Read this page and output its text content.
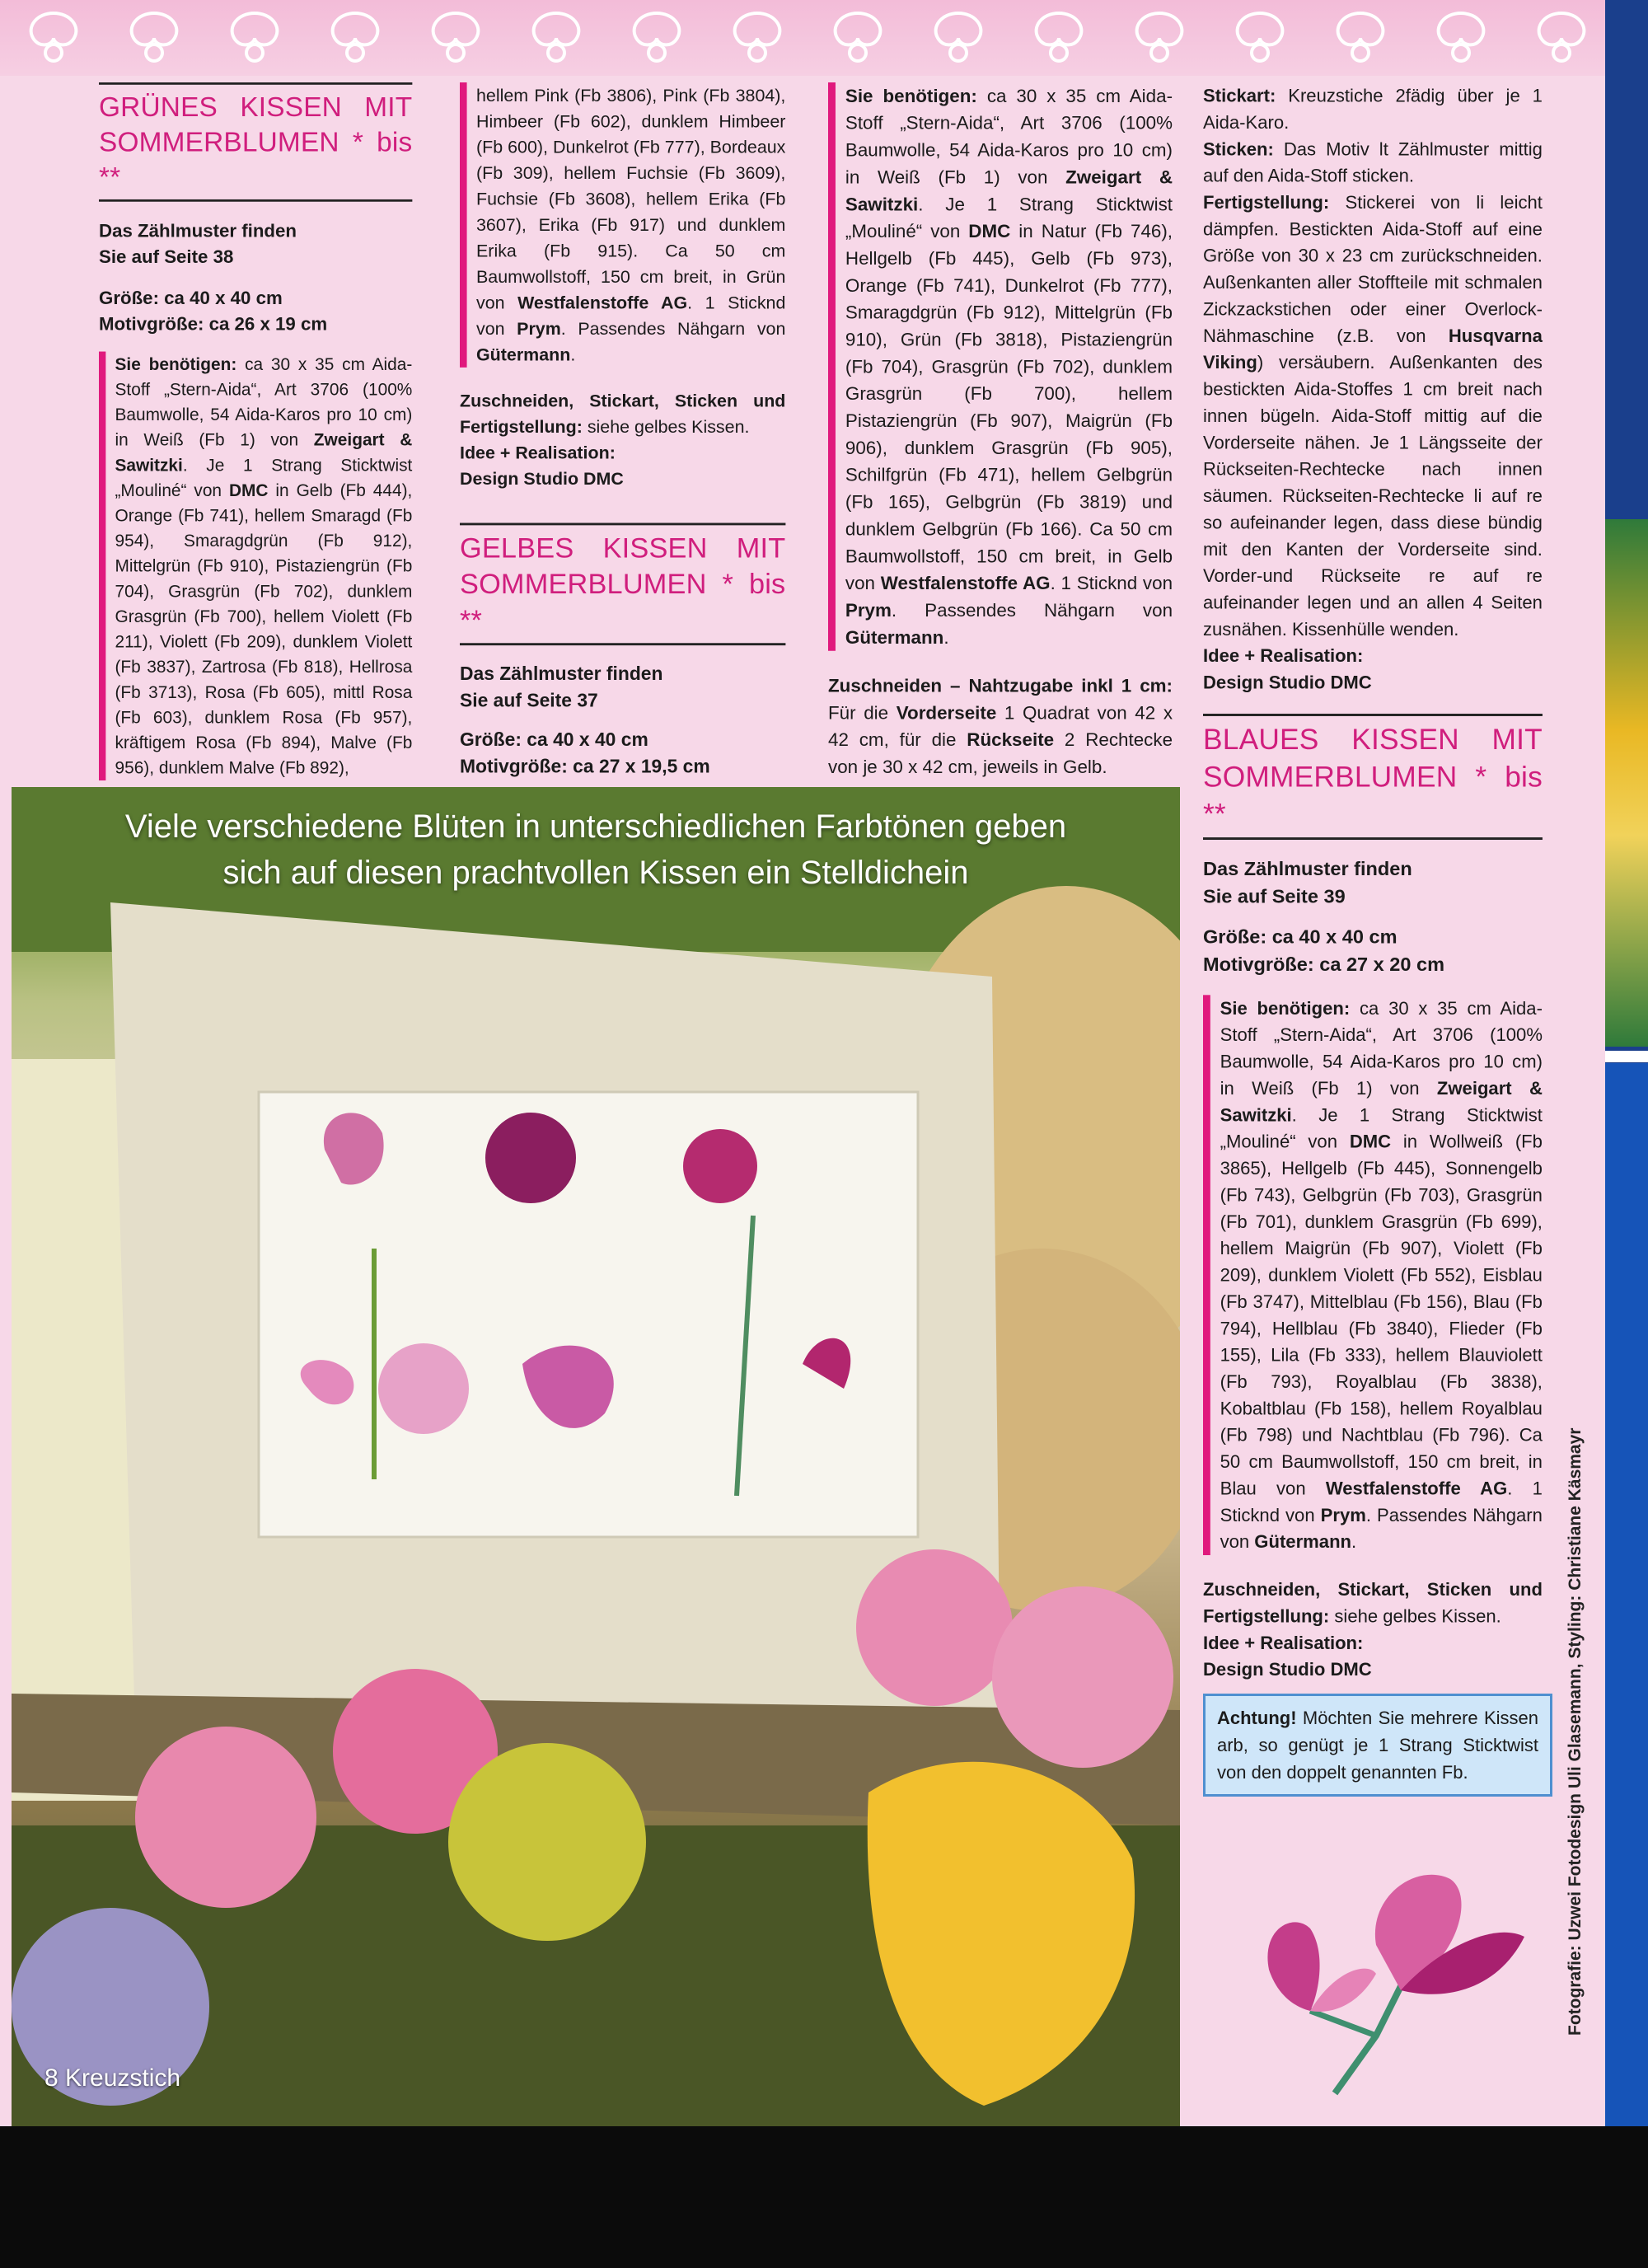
GRÜNES KISSEN MIT SOMMERBLUMEN * bis **

Das Zählmuster finden

Sie auf Seite 38

Größe: ca 40 x 40 cm

Motivgröße: ca 26 x 19 cm

Sie benötigen: ca 30 x 35 cm Aida-Stoff „Stern-Aida“, Art 3706 (100% Baumwolle, 54 Aida-Karos pro 10 cm) in Weiß (Fb 1) von Zweigart & Sawitzki. Je 1 Strang Sticktwist „Mouliné“ von DMC in Gelb (Fb 444), Orange (Fb 741), hellem Smaragd (Fb 954), Smaragdgrün (Fb 912), Mittelgrün (Fb 910), Pistaziengrün (Fb 704), Grasgrün (Fb 702), dunklem Grasgrün (Fb 700), hellem Violett (Fb 211), Violett (Fb 209), dunklem Violett (Fb 3837), Zartrosa (Fb 818), Hellrosa (Fb 3713), Rosa (Fb 605), mittl Rosa (Fb 603), dunklem Rosa (Fb 957), kräftigem Rosa (Fb 894), Malve (Fb 956), dunklem Malve (Fb 892),
hellem Pink (Fb 3806), Pink (Fb 3804), Himbeer (Fb 602), dunklem Himbeer (Fb 600), Dunkelrot (Fb 777), Bordeaux (Fb 309), hellem Fuchsie (Fb 3609), Fuchsie (Fb 3608), hellem Erika (Fb 3607), Erika (Fb 917) und dunklem Erika (Fb 915). Ca 50 cm Baumwollstoff, 150 cm breit, in Grün von Westfalenstoffe AG. 1 Sticknd von Prym. Passendes Nähgarn von Gütermann.

Zuschneiden, Stickart, Sticken und Fertigstellung: siehe gelbes Kissen.

Idee + Realisation:

Design Studio DMC

GELBES KISSEN MIT SOMMERBLUMEN * bis **

Das Zählmuster finden

Sie auf Seite 37

Größe: ca 40 x 40 cm

Motivgröße: ca 27 x 19,5 cm

Sie benötigen: ca 30 x 35 cm Aida-Stoff „Stern-Aida“, Art 3706 (100% Baumwolle, 54 Aida-Karos pro 10 cm) in Weiß (Fb 1) von Zweigart & Sawitzki. Je 1 Strang Sticktwist „Mouliné“ von DMC in Natur (Fb 746), Hellgelb (Fb 445), Gelb (Fb 973), Orange (Fb 741), Dunkelrot (Fb 777), Smaragdgrün (Fb 912), Mittelgrün (Fb 910), Grün (Fb 3818), Pistaziengrün (Fb 704), Grasgrün (Fb 702), dunklem Grasgrün (Fb 700), hellem Pistaziengrün (Fb 907), Maigrün (Fb 906), dunklem Grasgrün (Fb 905), Schilfgrün (Fb 471), hellem Gelbgrün (Fb 165), Gelbgrün (Fb 3819) und dunklem Gelbgrün (Fb 166). Ca 50 cm Baumwollstoff, 150 cm breit, in Gelb von Westfalenstoffe AG. 1 Sticknd von Prym. Passendes Nähgarn von Gütermann.

Zuschneiden – Nahtzugabe inkl 1 cm: Für die Vorderseite 1 Quadrat von 42 x 42 cm, für die Rückseite 2 Rechtecke von je 30 x 42 cm, jeweils in Gelb.

Stickart: Kreuzstiche 2fädig über je 1 Aida-Karo.

Sticken: Das Motiv lt Zählmuster mittig auf den Aida-Stoff sticken.

Fertigstellung: Stickerei von li leicht dämpfen. Bestickten Aida-Stoff auf eine Größe von 30 x 23 cm zurückschneiden. Außenkanten aller Stoffteile mit schmalen Zickzackstichen oder einer Overlock-Nähmaschine (z.B. von Husqvarna Viking) versäubern. Außenkanten des bestickten Aida-Stoffes 1 cm breit nach innen bügeln. Aida-Stoff mittig auf die Vorderseite nähen. Je 1 Längsseite der Rückseiten-Rechtecke nach innen säumen. Rückseiten-Rechtecke li auf re so aufeinander legen, dass diese bündig mit den Kanten der Vorderseite sind. Vorder-und Rückseite re auf re aufeinander legen und an allen 4 Seiten zusnähen. Kissenhülle wenden.

Idee + Realisation:

Design Studio DMC

BLAUES KISSEN MIT SOMMERBLUMEN * bis **

Das Zählmuster finden

Sie auf Seite 39

Größe: ca 40 x 40 cm

Motivgröße: ca 27 x 20 cm

Sie benötigen: ca 30 x 35 cm Aida-Stoff „Stern-Aida“, Art 3706 (100% Baumwolle, 54 Aida-Karos pro 10 cm) in Weiß (Fb 1) von Zweigart & Sawitzki. Je 1 Strang Sticktwist „Mouliné“ von DMC in Wollweiß (Fb 3865), Hellgelb (Fb 445), Sonnengelb (Fb 743), Gelbgrün (Fb 703), Grasgrün (Fb 701), dunklem Grasgrün (Fb 699), hellem Maigrün (Fb 907), Violett (Fb 209), dunklem Violett (Fb 552), Eisblau (Fb 3747), Mittelblau (Fb 156), Blau (Fb 794), Hellblau (Fb 3840), Flieder (Fb 155), Lila (Fb 333), hellem Blauviolett (Fb 793), Royalblau (Fb 3838), Kobaltblau (Fb 158), hellem Royalblau (Fb 798) und Nachtblau (Fb 796). Ca 50 cm Baumwollstoff, 150 cm breit, in Blau von Westfalenstoffe AG. 1 Sticknd von Prym. Passendes Nähgarn von Gütermann.

Zuschneiden, Stickart, Sticken und Fertigstellung: siehe gelbes Kissen.

Idee + Realisation:

Design Studio DMC

Achtung! Möchten Sie mehrere Kissen arb, so genügt je 1 Strang Sticktwist von den doppelt genannten Fb.	Fotografie: Uzwei Fotodesign Uli Glasemann, Styling: Christiane Käsmayr
Viele verschiedene Blüten in unterschiedlichen Farbtönen geben
sich auf diesen prachtvollen Kissen ein Stelldichein
8 Kreuzstich
